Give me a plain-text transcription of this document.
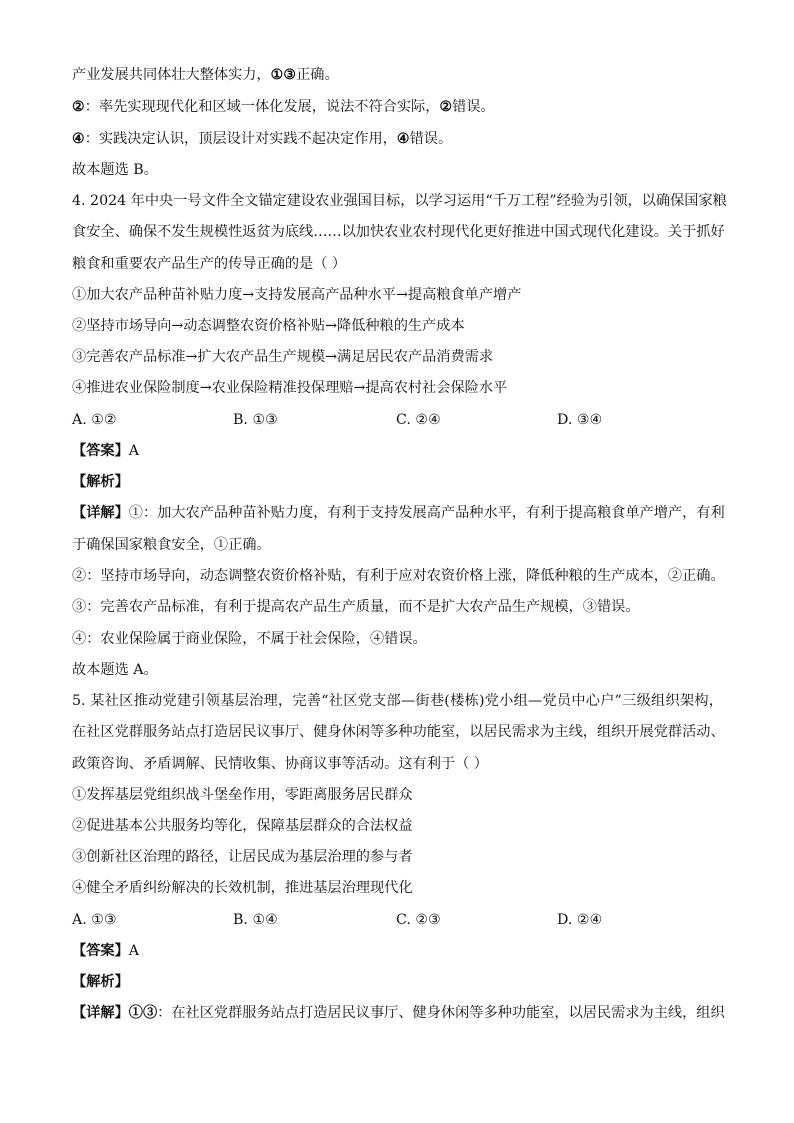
产业发展共同体壮大整体实力，①③正确。
②：率先实现现代化和区域一体化发展，说法不符合实际，②错误。
④：实践决定认识，顶层设计对实践不起决定作用，④错误。
故本题选 B。
4. 2024 年中央一号文件全文锚定建设农业强国目标，以学习运用“千万工程”经验为引领，以确保国家粮
食安全、确保不发生规模性返贫为底线……以加快农业农村现代化更好推进中国式现代化建设。关于抓好
粮食和重要农产品生产的传导正确的是（ ）
①加大农产品种苗补贴力度→支持发展高产品种水平→提高粮食单产增产
②坚持市场导向→动态调整农资价格补贴→降低种粮的生产成本
③完善农产品标准→扩大农产品生产规模→满足居民农产品消费需求
④推进农业保险制度→农业保险精准投保理赔→提高农村社会保险水平
A. ①②	B. ①③	C. ②④	D. ③④
【答案】A
【解析】
【详解】①：加大农产品种苗补贴力度，有利于支持发展高产品种水平，有利于提高粮食单产增产，有利
于确保国家粮食安全，①正确。
②：坚持市场导向，动态调整农资价格补贴，有利于应对农资价格上涨，降低种粮的生产成本，②正确。
③：完善农产品标准，有利于提高农产品生产质量，而不是扩大农产品生产规模，③错误。
④：农业保险属于商业保险，不属于社会保险，④错误。
故本题选 A。
5. 某社区推动党建引领基层治理，完善“社区党支部—街巷(楼栋)党小组—党员中心户”三级组织架构，
在社区党群服务站点打造居民议事厅、健身休闲等多种功能室，以居民需求为主线，组织开展党群活动、
政策咨询、矛盾调解、民情收集、协商议事等活动。这有利于（ ）
①发挥基层党组织战斗堡垒作用，零距离服务居民群众
②促进基本公共服务均等化，保障基层群众的合法权益
③创新社区治理的路径，让居民成为基层治理的参与者
④健全矛盾纠纷解决的长效机制，推进基层治理现代化
A. ①③	B. ①④	C. ②③	D. ②④
【答案】A
【解析】
【详解】①③：在社区党群服务站点打造居民议事厅、健身休闲等多种功能室，以居民需求为主线，组织
